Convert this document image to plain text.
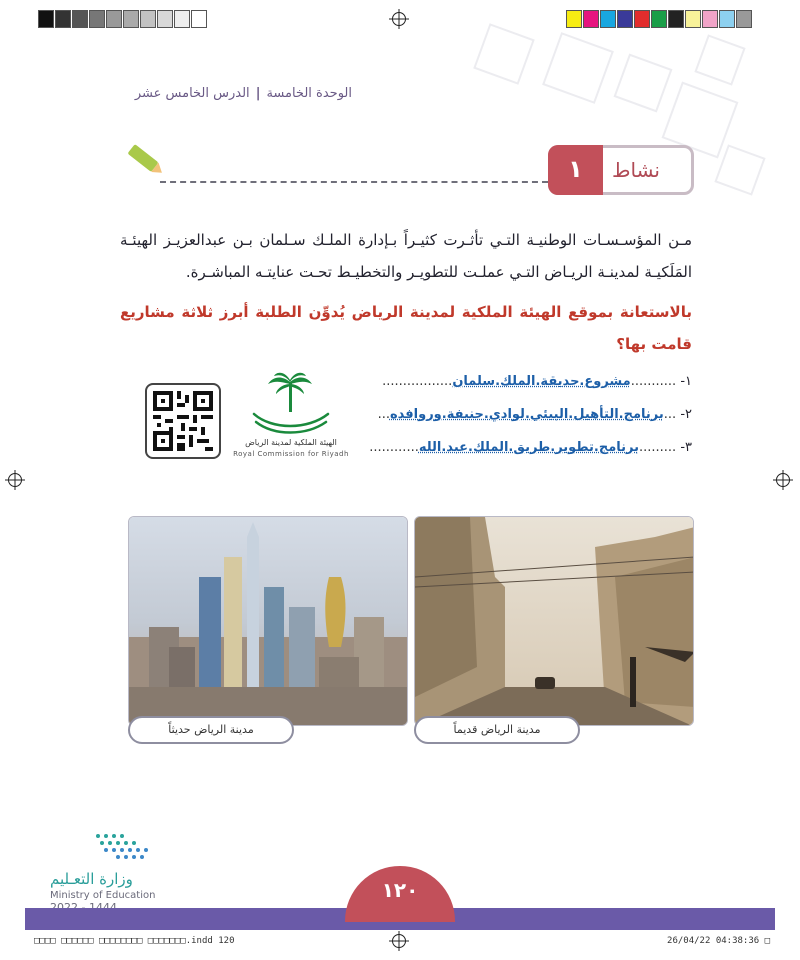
الوحدة الخامسة|الدرس الخامس عشر
١	نشاط
مـن المؤسـسـات الوطنيـة التـي تأثـرت كثيـراً بـإدارة الملـك سـلمان بـن عبدالعزيـز الهيئـة المَلَكيـة لمدينـة الريـاض التـي عملـت للتطويـر والتخطيـط تحـت عنايتـه المباشـرة.
بالاستعانة بموقع الهيئة الملكية لمدينة الرياض يُدوِّن الطلبة أبرز ثلاثة مشاريع قامت بها؟
١- ...........مشروع.حديقة.الملك.سلمان.................
٢- ...برنامج.التأهيل.البيئي.لوادي.حنيفة.وروافده...
٣- .........برنامج.تطوير.طريق.الملك.عبد.الله............
الهيئة الملكية لمدينة الرياض
Royal Commission for Riyadh
مدينة الرياض قديماً
مدينة الرياض حديثاً
وزارة التعـليم
Ministry of Education	١٢٠
□□□□ □□□□□□ □□□□□□□□ □□□□□□□.indd 120	26/04/22 04:38:36 □
